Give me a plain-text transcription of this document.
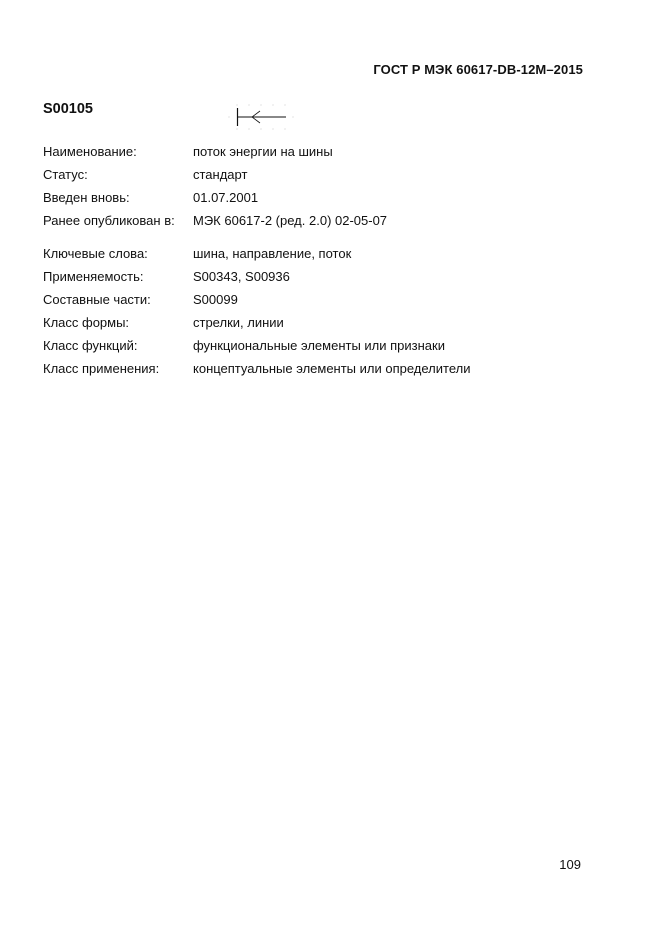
ГОСТ Р МЭК 60617-DB-12M–2015
S00105
Наименование:	поток энергии на шины
Статус:	стандарт
Введен вновь:	01.07.2001
Ранее опубликован в: МЭК 60617-2 (ред. 2.0) 02-05-07
Ключевые слова:	шина, направление, поток
Применяемость:	S00343, S00936
Составные части:	S00099
Класс формы:	стрелки, линии
Класс функций:	функциональные элементы или признаки
Класс применения:	концептуальные элементы или определители
109
